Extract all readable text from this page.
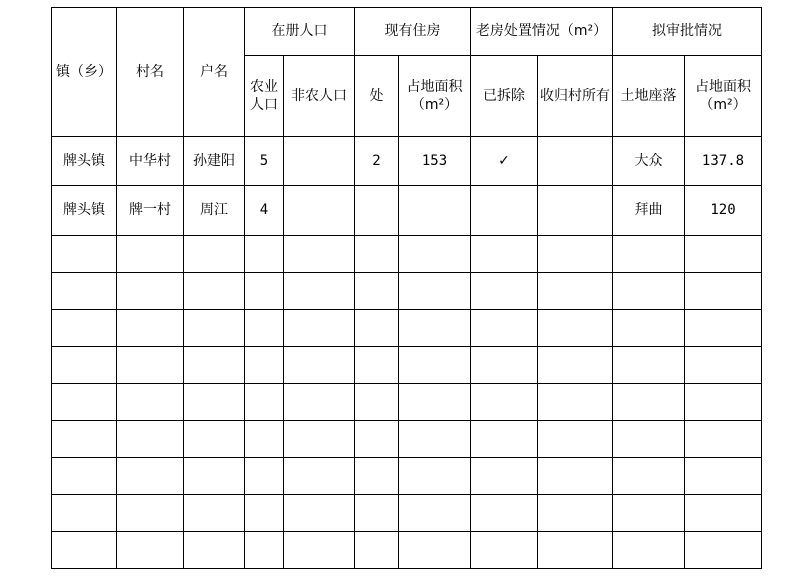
镇（乡）	村名	户名	在册人口		现有住房		老房处置情况（m²）		拟审批情况	
			农业人口	非农人口	处	占地面积（m²）	已拆除	收归村所有	土地座落	占地面积（m²）
牌头镇	中华村	孙建阳	5		2	153	✓		大众	137.8
牌头镇	牌一村	周江	4						拜曲	120
